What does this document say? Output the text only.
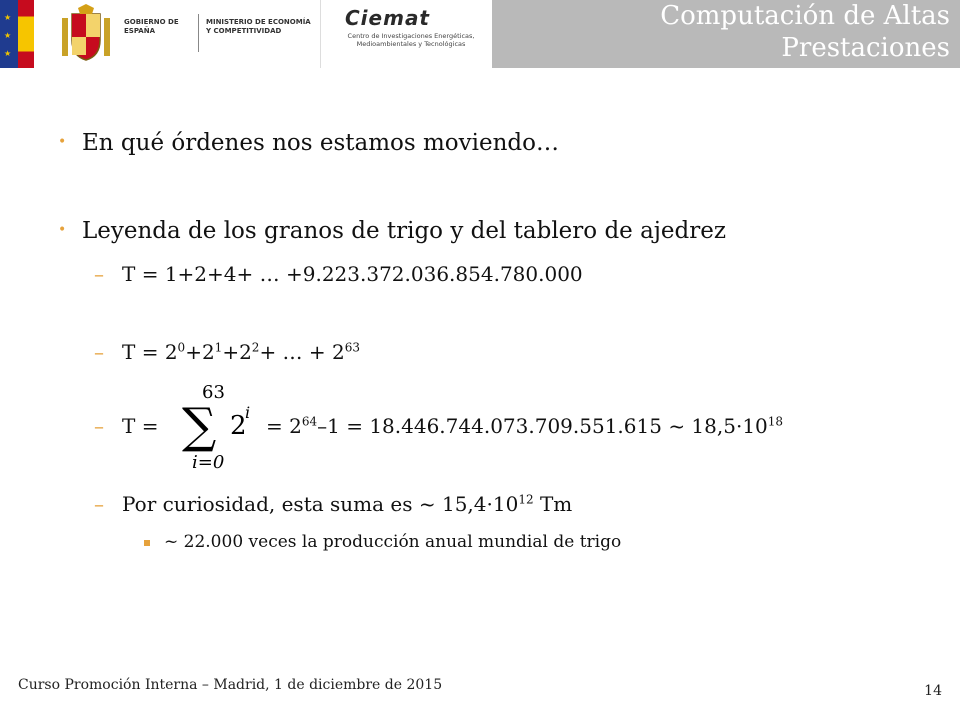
★
★
★
GOBIERNO DE ESPAÑA
MINISTERIO DE ECONOMÍA Y COMPETITIVIDAD
Ciemat
Centro de Investigaciones Energéticas, Medioambientales y Tecnológicas
Computación de Altas
Prestaciones
• En qué órdenes nos estamos moviendo…
• Leyenda de los granos de trigo y del tablero de ajedrez
– T = 1+2+4+ … +9.223.372.036.854.780.000
– $T = 2^0+2^1+2^2+$ … + $2^{63}$
– T =
63
∑ 2
i
i=0
= $2^{64}-1 = 18.446.744.073.709.551.615$ ~ $18,5\cdot 10^{18}$
– Por curiosidad, esta suma es ~ $15,4\cdot 10^{12}$ Tm
~ 22.000 veces la producción anual mundial de trigo
Curso Promoción Interna – Madrid, 1 de diciembre de 2015	14
